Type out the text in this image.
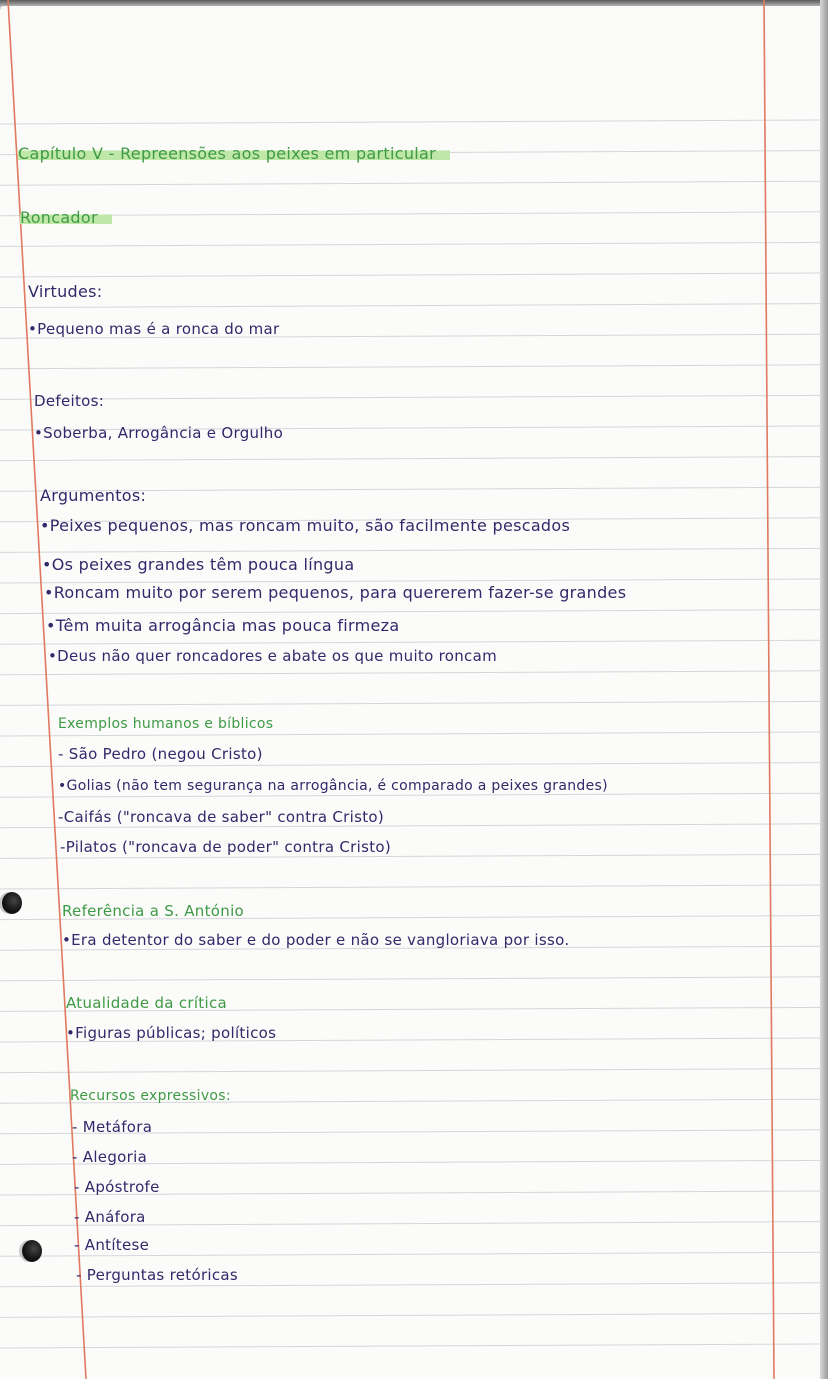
Capítulo V - Repreensões aos peixes em particular
Roncador
Virtudes:
•Pequeno mas é a ronca do mar
Defeitos:
•Soberba, Arrogância e Orgulho
Argumentos:
•Peixes pequenos, mas roncam muito, são facilmente pescados
•Os peixes grandes têm pouca língua
•Roncam muito por serem pequenos, para quererem fazer-se grandes
•Têm muita arrogância mas pouca firmeza
•Deus não quer roncadores e abate os que muito roncam
Exemplos humanos e bíblicos
- São Pedro (negou Cristo)
•Golias (não tem segurança na arrogância, é comparado a peixes grandes)
-Caifás ("roncava de saber" contra Cristo)
-Pilatos ("roncava de poder" contra Cristo)
Referência a S. António
•Era detentor do saber e do poder e não se vangloriava por isso.
Atualidade da crítica
•Figuras públicas; políticos
Recursos expressivos:
- Metáfora
- Alegoria
- Apóstrofe
- Anáfora
- Antítese
- Perguntas retóricas
